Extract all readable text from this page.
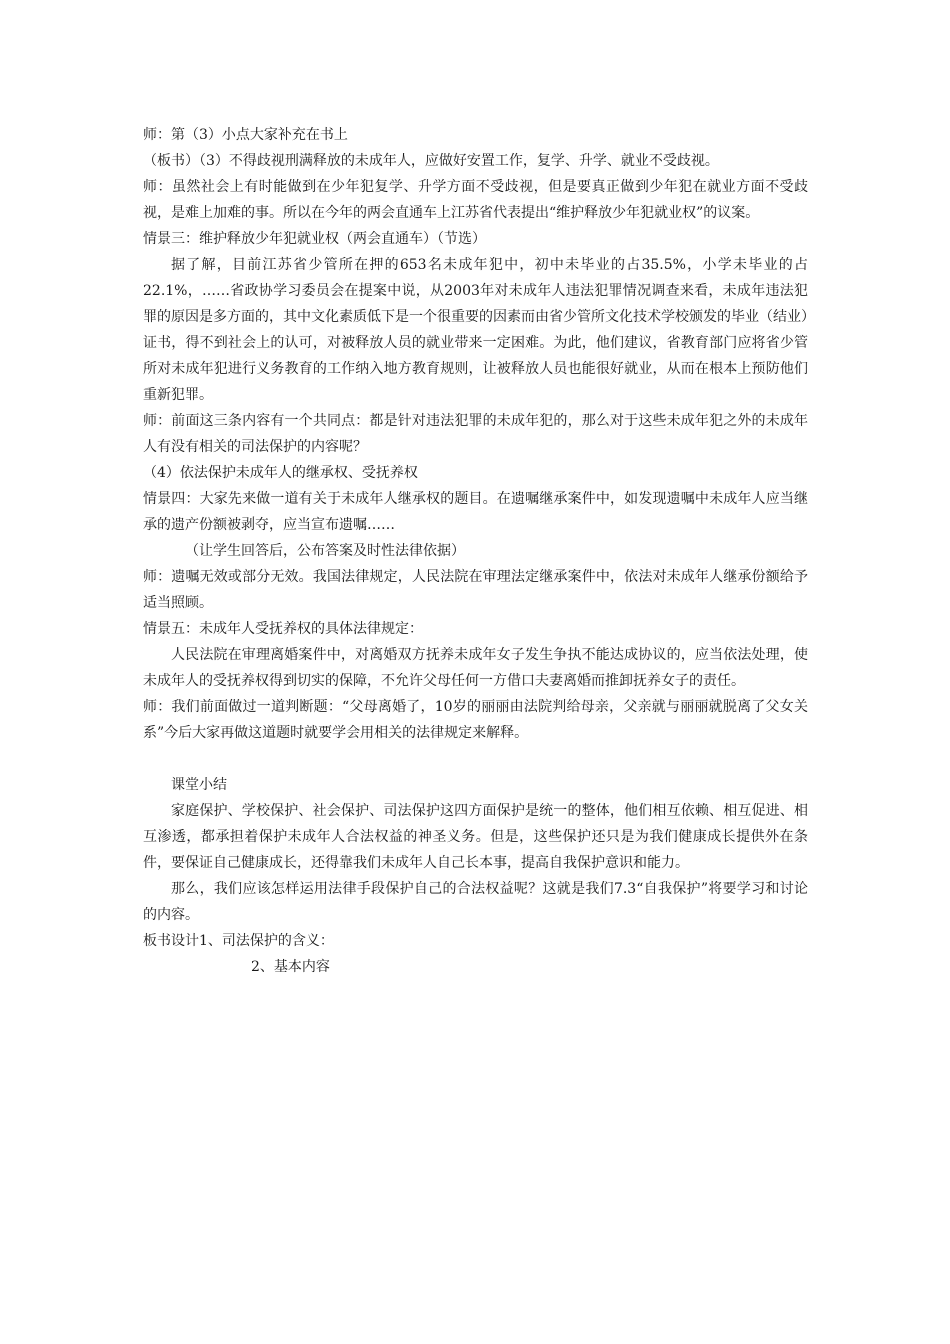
师：第（3）小点大家补充在书上

（板书）（3）不得歧视刑满释放的未成年人，应做好安置工作，复学、升学、就业不受歧视。

师：虽然社会上有时能做到在少年犯复学、升学方面不受歧视，但是要真正做到少年犯在就业方面不受歧视，是难上加难的事。所以在今年的两会直通车上江苏省代表提出“维护释放少年犯就业权”的议案。

情景三：维护释放少年犯就业权（两会直通车）（节选）

据了解，目前江苏省少管所在押的653名未成年犯中，初中未毕业的占35.5%，小学未毕业的占22.1%，……省政协学习委员会在提案中说，从2003年对未成年人违法犯罪情况调查来看，未成年违法犯罪的原因是多方面的，其中文化素质低下是一个很重要的因素而由省少管所文化技术学校颁发的毕业（结业）证书，得不到社会上的认可，对被释放人员的就业带来一定困难。为此，他们建议，省教育部门应将省少管所对未成年犯进行义务教育的工作纳入地方教育规则，让被释放人员也能很好就业，从而在根本上预防他们重新犯罪。

师：前面这三条内容有一个共同点：都是针对违法犯罪的未成年犯的，那么对于这些未成年犯之外的未成年人有没有相关的司法保护的内容呢？

（4）依法保护未成年人的继承权、受抚养权

情景四：大家先来做一道有关于未成年人继承权的题目。在遗嘱继承案件中，如发现遗嘱中未成年人应当继承的遗产份额被剥夺，应当宣布遗嘱……

（让学生回答后，公布答案及时性法律依据）

师：遗嘱无效或部分无效。我国法律规定，人民法院在审理法定继承案件中，依法对未成年人继承份额给予适当照顾。

情景五：未成年人受抚养权的具体法律规定：

人民法院在审理离婚案件中，对离婚双方抚养未成年女子发生争执不能达成协议的，应当依法处理，使未成年人的受抚养权得到切实的保障，不允许父母任何一方借口夫妻离婚而推卸抚养女子的责任。

师：我们前面做过一道判断题：“父母离婚了，10岁的丽丽由法院判给母亲，父亲就与丽丽就脱离了父女关系”今后大家再做这道题时就要学会用相关的法律规定来解释。

课堂小结

家庭保护、学校保护、社会保护、司法保护这四方面保护是统一的整体，他们相互依赖、相互促进、相互渗透，都承担着保护未成年人合法权益的神圣义务。但是，这些保护还只是为我们健康成长提供外在条件，要保证自己健康成长，还得靠我们未成年人自己长本事，提高自我保护意识和能力。

那么，我们应该怎样运用法律手段保护自己的合法权益呢？这就是我们7.3“自我保护”将要学习和讨论的内容。

板书设计1、司法保护的含义：

2、基本内容
